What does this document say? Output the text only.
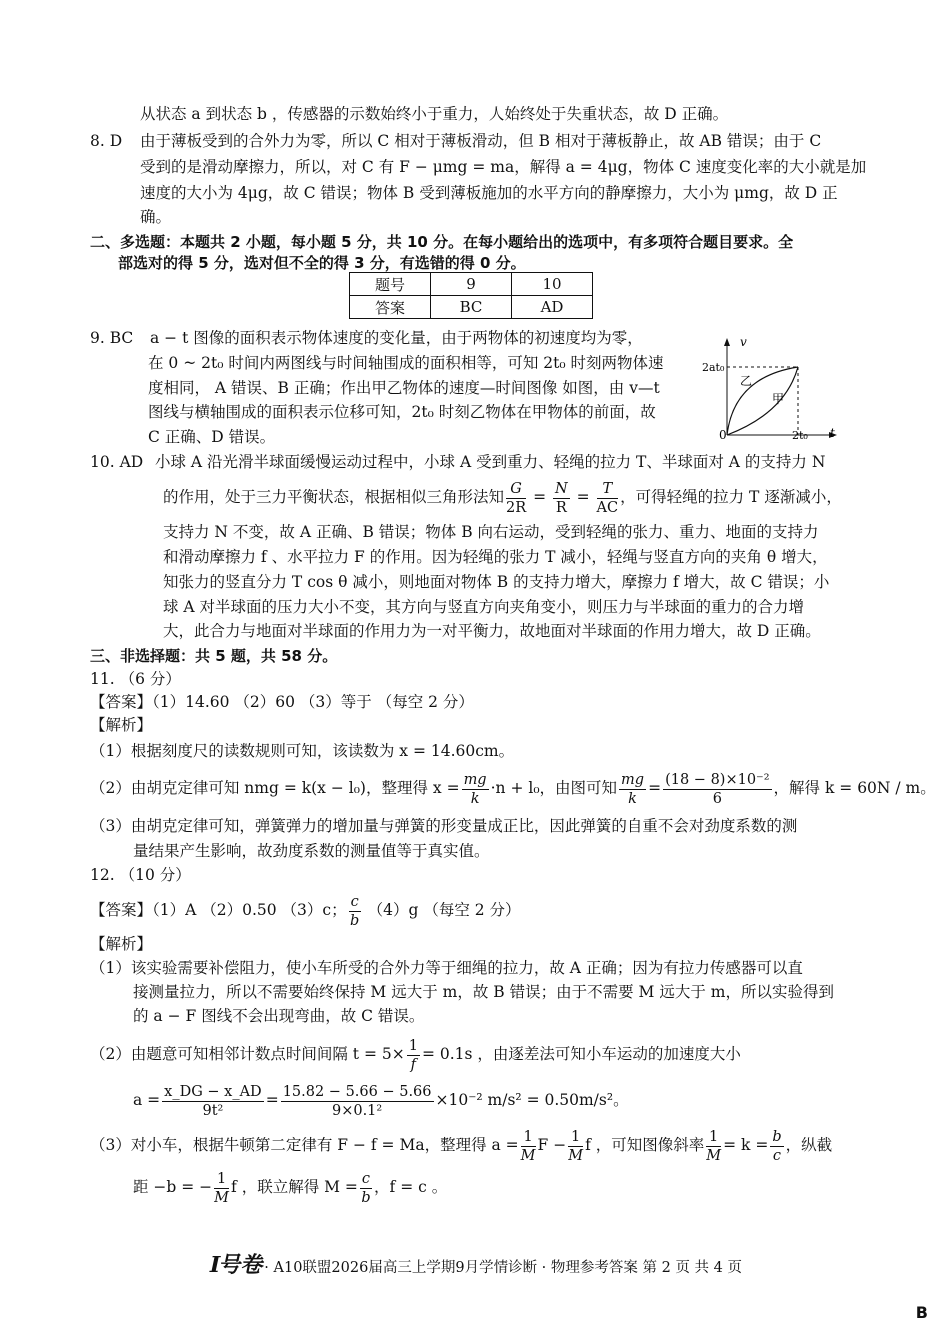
从状态 a 到状态 b ，传感器的示数始终小于重力，人始终处于失重状态，故 D 正确。
8. D 由于薄板受到的合外力为零，所以 C 相对于薄板滑动，但 B 相对于薄板静止，故 AB 错误；由于 C
受到的是滑动摩擦力，所以，对 C 有 F − μmg = ma，解得 a = 4μg，物体 C 速度变化率的大小就是加
速度的大小为 4μg，故 C 错误；物体 B 受到薄板施加的水平方向的静摩擦力，大小为 μmg，故 D 正
确。
二、多选题：本题共 2 小题，每小题 5 分，共 10 分。在每小题给出的选项中，有多项符合题目要求。全
部选对的得 5 分，选对但不全的得 3 分，有选错的得 0 分。
题号	9	10
答案	BC	AD
9. BC a − t 图像的面积表示物体速度的变化量，由于两物体的初速度均为零，
在 0 ~ 2t₀ 时间内两图线与时间轴围成的面积相等，可知 2t₀ 时刻两物体速
度相同， A 错误、B 正确；作出甲乙物体的速度—时间图像 如图，由 v—t
图线与横轴围成的面积表示位移可知，2t₀ 时刻乙物体在甲物体的前面，故
C 正确、D 错误。
v
t
0
2at₀
2t₀
乙
甲
10. AD 小球 A 沿光滑半球面缓慢运动过程中，小球 A 受到重力、轻绳的拉力 T、半球面对 A 的支持力 N
的作用，处于三力平衡状态，根据相似三角形法知 $\frac{G}{2R} = \frac{N}{R} = \frac{T}{AC}$ ，可得轻绳的拉力 T 逐渐减小，
支持力 N 不变，故 A 正确、B 错误；物体 B 向右运动，受到轻绳的张力、重力、地面的支持力
和滑动摩擦力 f 、水平拉力 F 的作用。因为轻绳的张力 T 减小，轻绳与竖直方向的夹角 θ 增大，
知张力的竖直分力 T cos θ 减小，则地面对物体 B 的支持力增大，摩擦力 f 增大，故 C 错误；小
球 A 对半球面的压力大小不变，其方向与竖直方向夹角变小，则压力与半球面的重力的合力增
大，此合力与地面对半球面的作用力为一对平衡力，故地面对半球面的作用力增大，故 D 正确。
三、非选择题：共 5 题，共 58 分。
11. （6 分）
【答案】（1）14.60 （2）60 （3）等于 （每空 2 分）
【解析】
（1）根据刻度尺的读数规则可知，该读数为 x = 14.60cm。
（2）由胡克定律可知 nmg = k(x − l₀)，整理得 $x = \frac{mg}{k} \cdot n + l_0$，由图可知 $\frac{mg}{k} = \frac{\text{(18 − 8)×10⁻²}}{6}$ ，解得 k = 60N / m。
（3）由胡克定律可知，弹簧弹力的增加量与弹簧的形变量成正比，因此弹簧的自重不会对劲度系数的测
量结果产生影响，故劲度系数的测量值等于真实值。
12. （10 分）
【答案】（1）A （2）0.50 （3）c； $\frac{c}{b} (4)g$ （每空 2 分）
【解析】
（1）该实验需要补偿阻力，使小车所受的合外力等于细绳的拉力，故 A 正确；因为有拉力传感器可以直
接测量拉力，所以不需要始终保持 M 远大于 m，故 B 错误；由于不需要 M 远大于 m，所以实验得到
的 a − F 图线不会出现弯曲，故 C 错误。
（2）由题意可知相邻计数点时间间隔 $t = 5\times \frac{1}{f} = 0.1s$ ，由逐差法可知小车运动的加速度大小
$a = \frac{x\_DG - x\_AD}{\text{9t²}} = \frac{15.82 - 5.66 - 5.66}{\text{9×0.1²}} \times 10^{-2}$ m/s² = 0.50m/s²。
（3）对小车，根据牛顿第二定律有 F − f = Ma，整理得 $a = \frac{1}{M}$ $F - \frac{1}{M}$ f ，可知图像斜率 $\frac{1}{M} = k = \frac{b}{c}$ ，纵截
距 −b = − $\frac{1}{M}$ f ，联立解得 $M = \frac{c}{b}$ ，f = c 。
I号卷· A10联盟2026届高三上学期9月学情诊断 · 物理参考答案 第 2 页 共 4 页
B
